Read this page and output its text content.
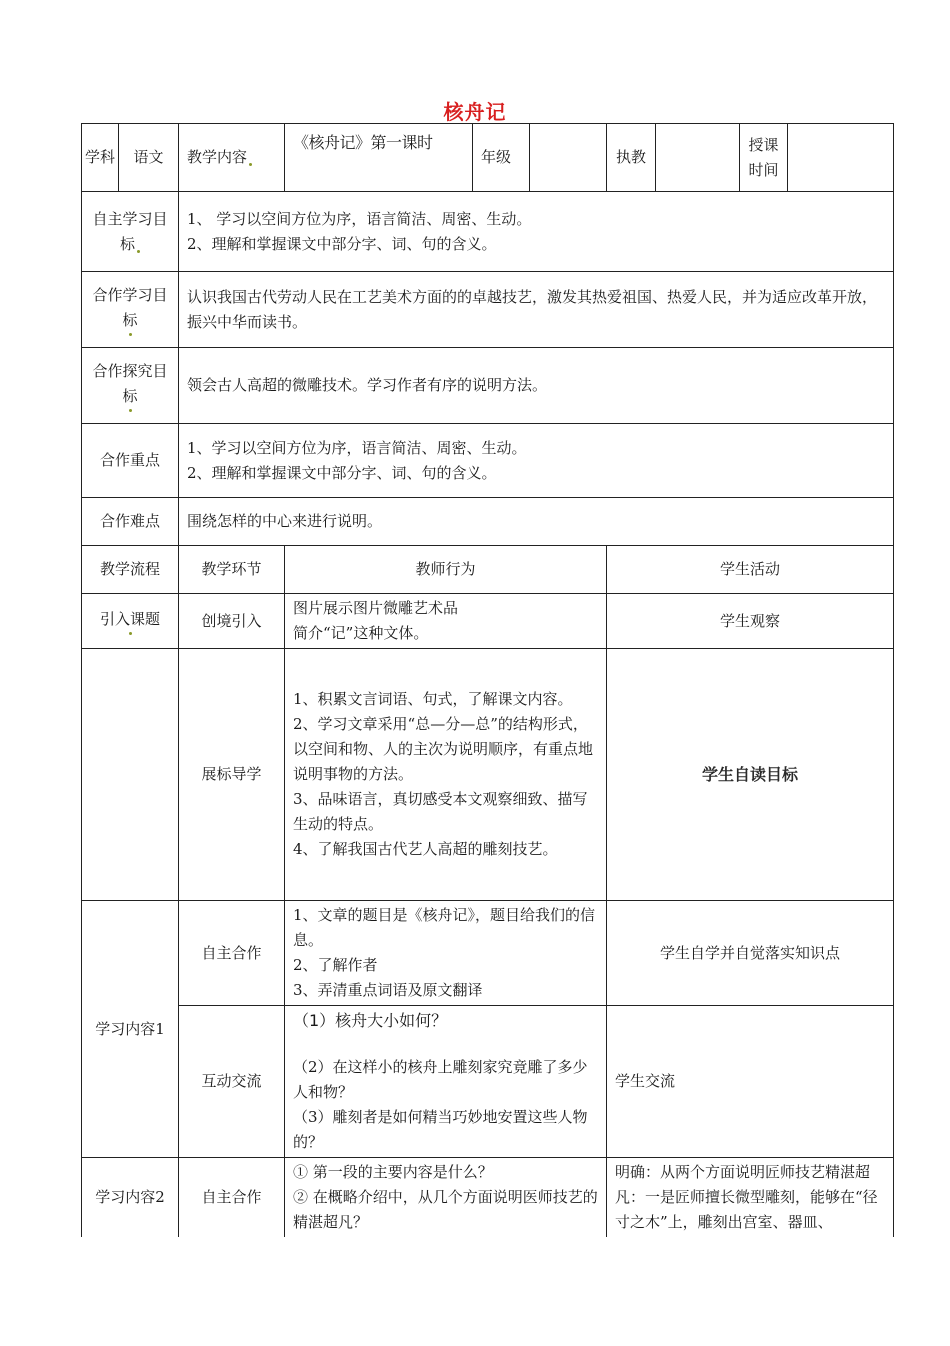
核舟记
学科	语文	教学内容	《核舟记》第一课时	年级		执教		授课时间	
自主学习目标		1、 学习以空间方位为序，语言简洁、周密、生动。

2、理解和掌握课文中部分字、词、句的含义。							

合作学习目标		认识我国古代劳动人民在工艺美术方面的的卓越技艺，激发其热爱祖国、热爱人民，并为适应改革开放，振兴中华而读书。							

合作探究目标		领会古人高超的微雕技术。学习作者有序的说明方法。							

合作重点		1、学习以空间方位为序，语言简洁、周密、生动。

2、理解和掌握课文中部分字、词、句的含义。							

合作难点		围绕怎样的中心来进行说明。							

教学流程		教学环节	教师行为			学生活动			
引入课题		创境引入	图片展示图片微雕艺术品

简介“记”这种文体。			学生观察			
		展标导学	1、积累文言词语、句式，了解课文内容。

2、学习文章采用“总—分—总”的结构形式，以空间和物、人的主次为说明顺序，有重点地说明事物的方法。

3、品味语言，真切感受本文观察细致、描写生动的特点。

4、了解我国古代艺人高超的雕刻技艺。			学生自读目标			
学习内容1		自主合作	1、文章的题目是《核舟记》，题目给我们的信息。

2、了解作者

3、弄清重点词语及原文翻译			学生自学并自觉落实知识点			
		互动交流	（1）核舟大小如何？

（2）在这样小的核舟上雕刻家究竟雕了多少人和物？

（3）雕刻者是如何精当巧妙地安置这些人物的？			学生交流			
学习内容2		自主合作	① 第一段的主要内容是什么？

② 在概略介绍中，从几个方面说明医师技艺的精湛超凡？			明确：从两个方面说明匠师技艺精湛超凡：一是匠师擅长微型雕刻，能够在“径寸之木”上，雕刻出宫室、器皿、			
